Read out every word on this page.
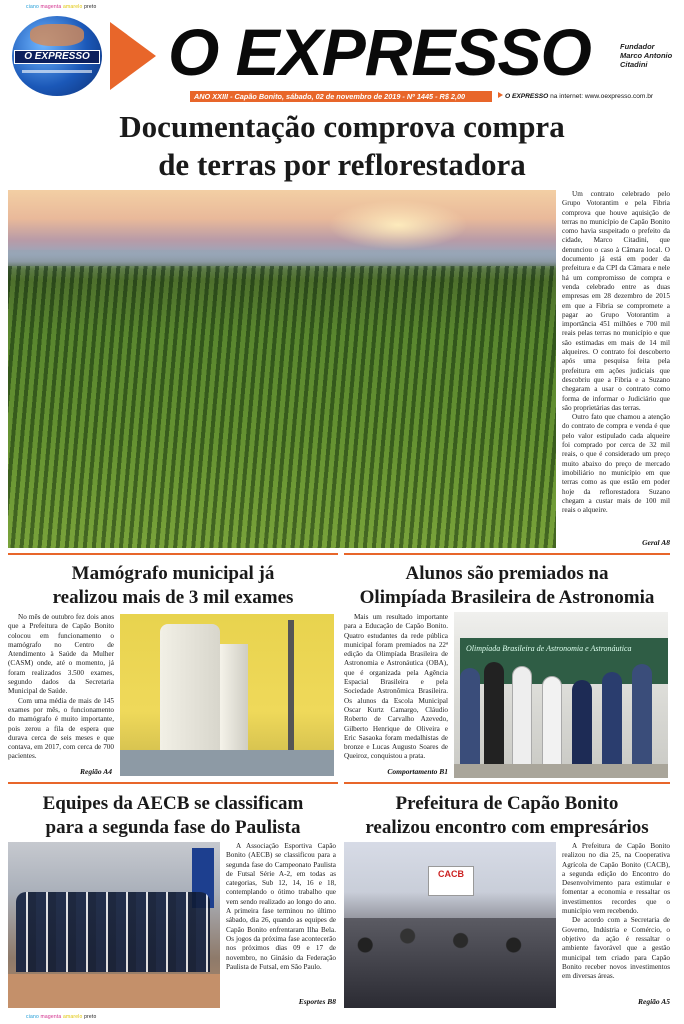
ciano magenta amarelo preto
O EXPRESSO O EXPRESSO	Fundador
Marco Antonio Citadini
ANO XXIII - Capão Bonito, sábado, 02 de novembro de 2019 - Nº 1445 - R$ 2,00	O EXPRESSO na internet: www.oexpresso.com.br
Documentação comprova compra
de terras por reflorestadora

Um contrato celebrado pelo Grupo Votorantim e pela Fibria comprova que houve aquisição de terras no município de Capão Bonito como havia suspeitado o prefeito da cidade, Marco Citadini, que denunciou o caso à Câmara local. O documento já está em poder da prefeitura e da CPI da Câmara e nele há um compromisso de compra e venda celebrado entre as duas empresas em 28 dezembro de 2015 em que a Fibria se compromete a pagar ao Grupo Votorantim a importância 451 milhões e 700 mil reais pelas terras no município e que são estimadas em mais de 14 mil alqueires. O contrato foi descoberto após uma pesquisa feita pela prefeitura em ações judiciais que descobriu que a Fibria e a Suzano chegaram a usar o contrato como forma de informar o Judiciário que são proprietárias das terras.

Outro fato que chamou a atenção do contrato de compra e venda é que pelo valor estipulado cada alqueire foi comprado por cerca de 32 mil reais, o que é considerado um preço muito abaixo do preço de mercado imobiliário no município em que terras como as que estão em poder hoje da reflorestadora Suzano chegam a custar mais de 100 mil reais o alqueire.

Geral A8
Mamógrafo municipal já
realizou mais de 3 mil exames

No mês de outubro fez dois anos que a Prefeitura de Capão Bonito colocou em funcionamento o mamógrafo no Centro de Atendimento à Saúde da Mulher (CASM) onde, até o momento, já foram realizados 3.500 exames, segundo dados da Secretaria Municipal de Saúde.

Com uma média de mais de 145 exames por mês, o funcionamento do mamógrafo é muito importante, pois zerou a fila de espera que durava cerca de seis meses e que contava, em 2017, com cerca de 700 pacientes.

Região A4
Alunos são premiados na
Olimpíada Brasileira de Astronomia

Mais um resultado importante para a Educação de Capão Bonito. Quatro estudantes da rede pública municipal foram premiados na 22ª edição da Olimpíada Brasileira de Astronomia e Astronáutica (OBA), que é organizada pela Agência Espacial Brasileira e pela Sociedade Astronômica Brasileira. Os alunos da Escola Municipal Oscar Kurtz Camargo, Cláudio Roberto de Carvalho Azevedo, Gilberto Henrique de Oliveira e Eric Sasaoka foram medalhistas de bronze e Lucas Augusto Soares de Queiroz, conquistou a prata.

Comportamento B1
Olimpíada Brasileira de Astronomia e Astronáutica
Equipes da AECB se classificam
para a segunda fase do Paulista

A Associação Esportiva Capão Bonito (AECB) se classificou para a segunda fase do Campeonato Paulista de Futsal Série A-2, em todas as categorias, Sub 12, 14, 16 e 18, contemplando o ótimo trabalho que vem sendo realizado ao longo do ano. A primeira fase terminou no último sábado, dia 26, quando as equipes de Capão Bonito enfrentaram Ilha Bela. Os jogos da próxima fase acontecerão nos próximos dias 09 e 17 de novembro, no Ginásio da Federação Paulista de Futsal, em São Paulo.

Esportes B8
Prefeitura de Capão Bonito
realizou encontro com empresários
CACB

A Prefeitura de Capão Bonito realizou no dia 25, na Cooperativa Agrícola de Capão Bonito (CACB), a segunda edição do Encontro do Desenvolvimento para estimular e fomentar a economia e ressaltar os investimentos recordes que o município vem recebendo.

De acordo com a Secretaria de Governo, Indústria e Comércio, o objetivo da ação é ressaltar o ambiente favorável que a gestão municipal tem criado para Capão Bonito receber novos investimentos em diversas áreas.

Região A5
ciano magenta amarelo preto
